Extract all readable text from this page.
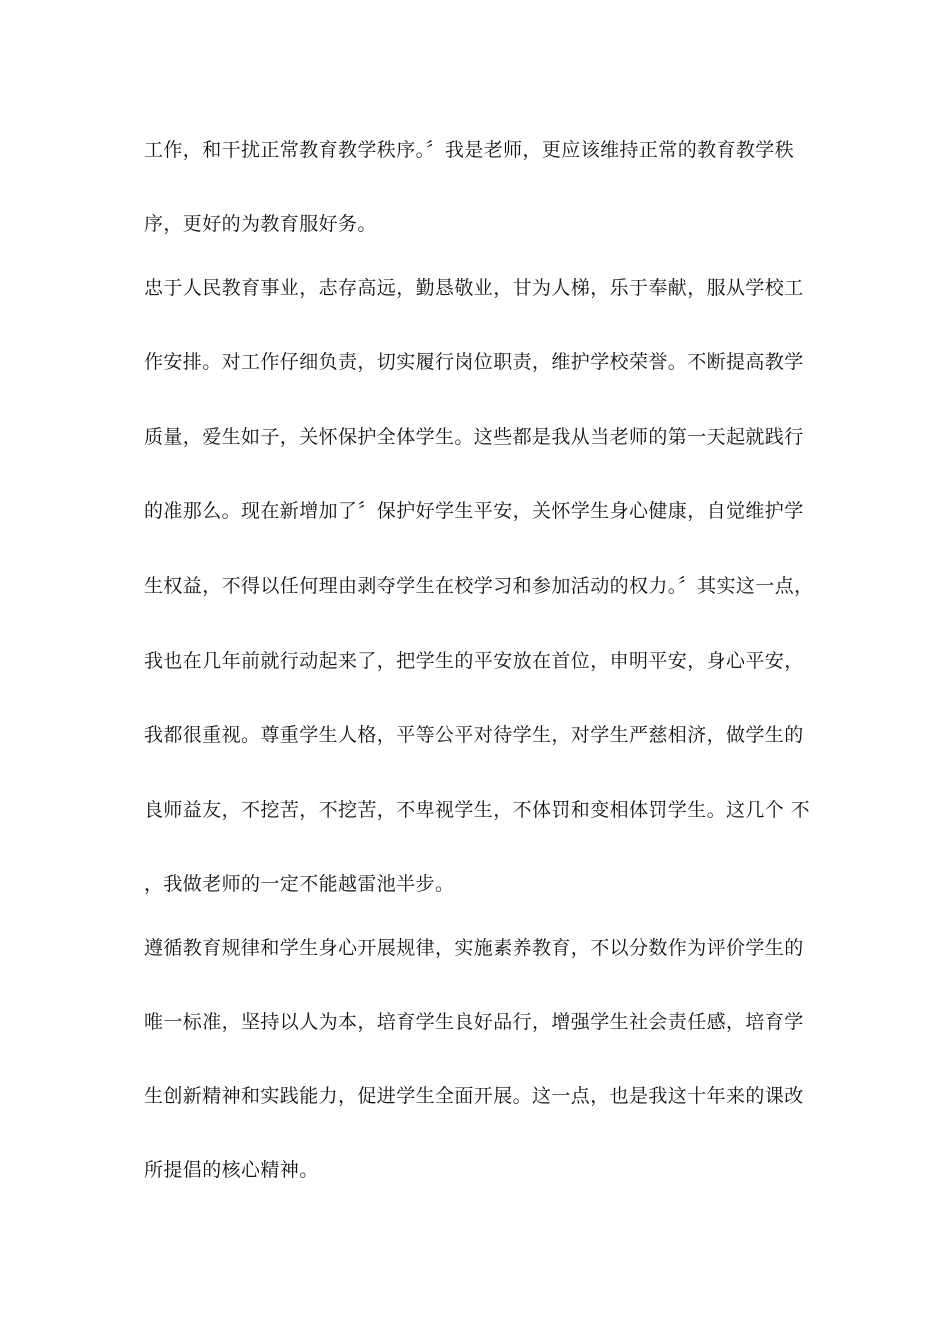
工作，和干扰正常教育教学秩序。〞我是老师，更应该维持正常的教育教学秩
序，更好的为教育服好务。
忠于人民教育事业，志存高远，勤恳敬业，甘为人梯，乐于奉献，服从学校工
作安排。对工作仔细负责，切实履行岗位职责，维护学校荣誉。不断提高教学
质量，爱生如子，关怀保护全体学生。这些都是我从当老师的第一天起就践行
的准那么。现在新增加了〞保护好学生平安，关怀学生身心健康，自觉维护学
生权益，不得以任何理由剥夺学生在校学习和参加活动的权力。〞其实这一点，
我也在几年前就行动起来了，把学生的平安放在首位，申明平安，身心平安，
我都很重视。尊重学生人格，平等公平对待学生，对学生严慈相济，做学生的
良师益友，不挖苦，不挖苦，不卑视学生，不体罚和变相体罚学生。这几个 不
，我做老师的一定不能越雷池半步。
遵循教育规律和学生身心开展规律，实施素养教育，不以分数作为评价学生的
唯一标准，坚持以人为本，培育学生良好品行，增强学生社会责任感，培育学
生创新精神和实践能力，促进学生全面开展。这一点，也是我这十年来的课改
所提倡的核心精神。
